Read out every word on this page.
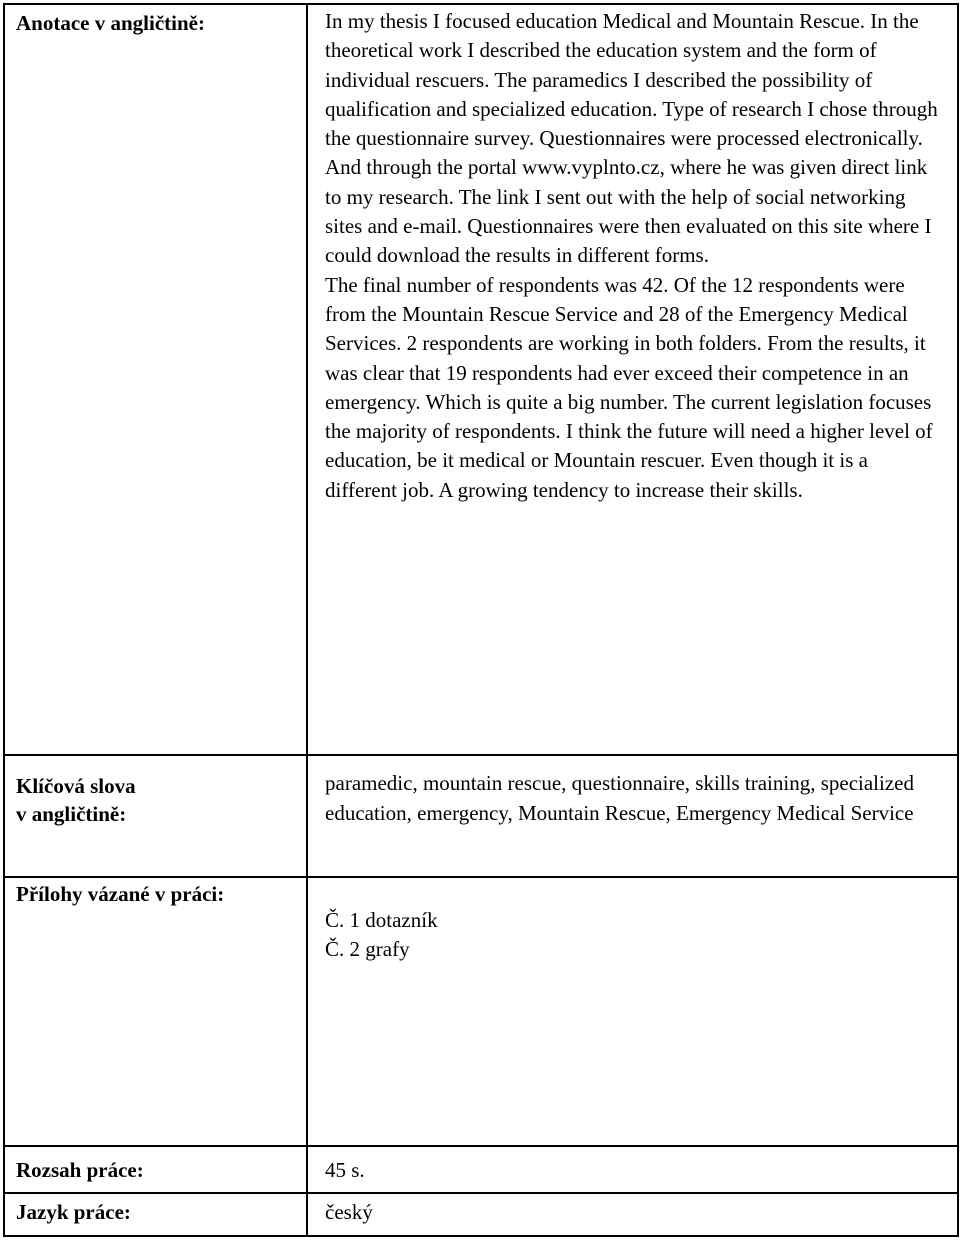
Anotace v angličtině:	In my thesis I focused education Medical and Mountain Rescue. In the theoretical work I described the education system and the form of individual rescuers. The paramedics I described the possibility of qualification and specialized education. Type of research I chose through the questionnaire survey. Questionnaires were processed electronically. And through the portal www.vyplnto.cz, where he was given direct link to my research. The link I sent out with the help of social networking sites and e-mail. Questionnaires were then evaluated on this site where I could download the results in different forms.

The final number of respondents was 42. Of the 12 respondents were from the Mountain Rescue Service and 28 of the Emergency Medical Services. 2 respondents are working in both folders. From the results, it was clear that 19 respondents had ever exceed their competence in an emergency. Which is quite a big number. The current legislation focuses the majority of respondents. I think the future will need a higher level of education, be it medical or Mountain rescuer. Even though it is a different job. A growing tendency to increase their skills.

Klíčová slova
v angličtině:	paramedic, mountain rescue, questionnaire, skills training, specialized education, emergency, Mountain Rescue, Emergency Medical Service

Přílohy vázané v práci:	Č. 1 dotazník
Č. 2 grafy

Rozsah práce:	45 s.

Jazyk práce:	český
